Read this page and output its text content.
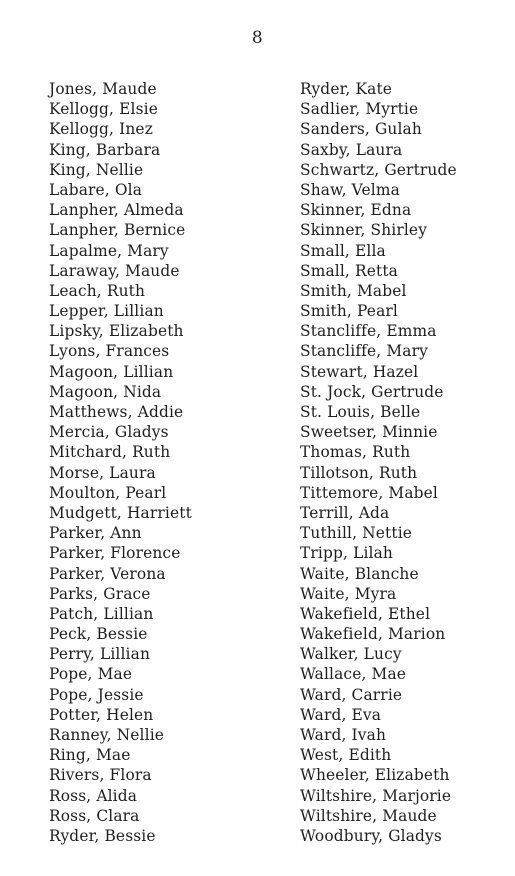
8
Jones, Maude
Kellogg, Elsie
Kellogg, Inez
King, Barbara
King, Nellie
Labare, Ola
Lanpher, Almeda
Lanpher, Bernice
Lapalme, Mary
Laraway, Maude
Leach, Ruth
Lepper, Lillian
Lipsky, Elizabeth
Lyons, Frances
Magoon, Lillian
Magoon, Nida
Matthews, Addie
Mercia, Gladys
Mitchard, Ruth
Morse, Laura
Moulton, Pearl
Mudgett, Harriett
Parker, Ann
Parker, Florence
Parker, Verona
Parks, Grace
Patch, Lillian
Peck, Bessie
Perry, Lillian
Pope, Mae
Pope, Jessie
Potter, Helen
Ranney, Nellie
Ring, Mae
Rivers, Flora
Ross, Alida
Ross, Clara
Ryder, Bessie
Ryder, Kate
Sadlier, Myrtie
Sanders, Gulah
Saxby, Laura
Schwartz, Gertrude
Shaw, Velma
Skinner, Edna
Skinner, Shirley
Small, Ella
Small, Retta
Smith, Mabel
Smith, Pearl
Stancliffe, Emma
Stancliffe, Mary
Stewart, Hazel
St. Jock, Gertrude
St. Louis, Belle
Sweetser, Minnie
Thomas, Ruth
Tillotson, Ruth
Tittemore, Mabel
Terrill, Ada
Tuthill, Nettie
Tripp, Lilah
Waite, Blanche
Waite, Myra
Wakefield, Ethel
Wakefield, Marion
Walker, Lucy
Wallace, Mae
Ward, Carrie
Ward, Eva
Ward, Ivah
West, Edith
Wheeler, Elizabeth
Wiltshire, Marjorie
Wiltshire, Maude
Woodbury, Gladys
